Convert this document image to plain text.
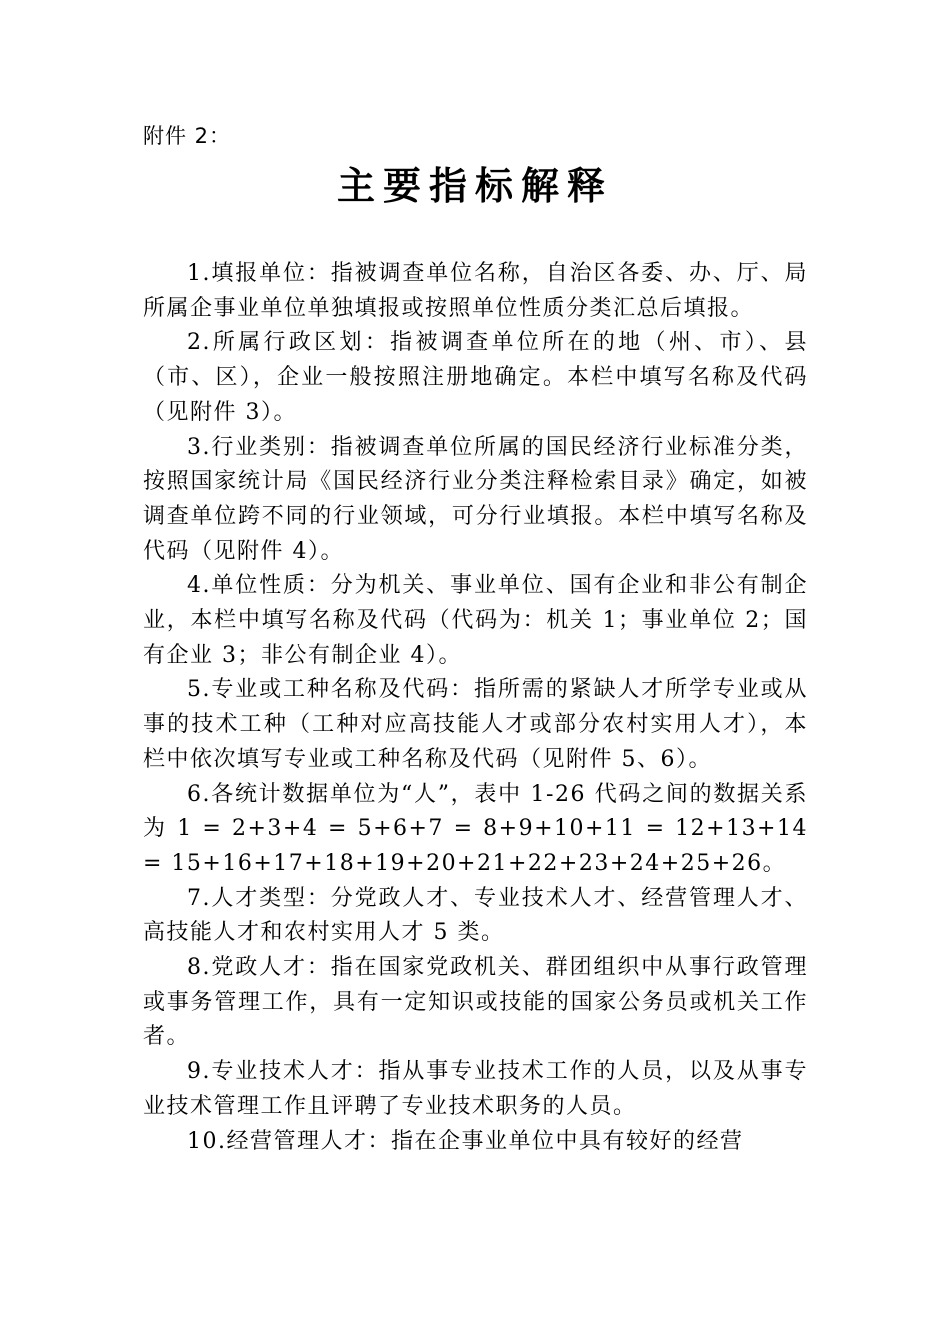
附件 2：
主要指标解释

1.填报单位：指被调查单位名称，自治区各委、办、厅、局所属企事业单位单独填报或按照单位性质分类汇总后填报。

2.所属行政区划：指被调查单位所在的地（州、市）、县（市、区），企业一般按照注册地确定。本栏中填写名称及代码（见附件 3）。

3.行业类别：指被调查单位所属的国民经济行业标准分类，按照国家统计局《国民经济行业分类注释检索目录》确定，如被调查单位跨不同的行业领域，可分行业填报。本栏中填写名称及代码（见附件 4）。

4.单位性质：分为机关、事业单位、国有企业和非公有制企业，本栏中填写名称及代码（代码为：机关 1；事业单位 2；国有企业 3；非公有制企业 4）。

5.专业或工种名称及代码：指所需的紧缺人才所学专业或从事的技术工种（工种对应高技能人才或部分农村实用人才），本栏中依次填写专业或工种名称及代码（见附件 5、6）。

6.各统计数据单位为“人”，表中 1-26 代码之间的数据关系为 1 = 2+3+4 = 5+6+7 = 8+9+10+11 = 12+13+14 = 15+16+17+18+19+20+21+22+23+24+25+26。

7.人才类型：分党政人才、专业技术人才、经营管理人才、高技能人才和农村实用人才 5 类。

8.党政人才：指在国家党政机关、群团组织中从事行政管理或事务管理工作，具有一定知识或技能的国家公务员或机关工作者。

9.专业技术人才：指从事专业技术工作的人员，以及从事专业技术管理工作且评聘了专业技术职务的人员。

10.经营管理人才：指在企事业单位中具有较好的经营
